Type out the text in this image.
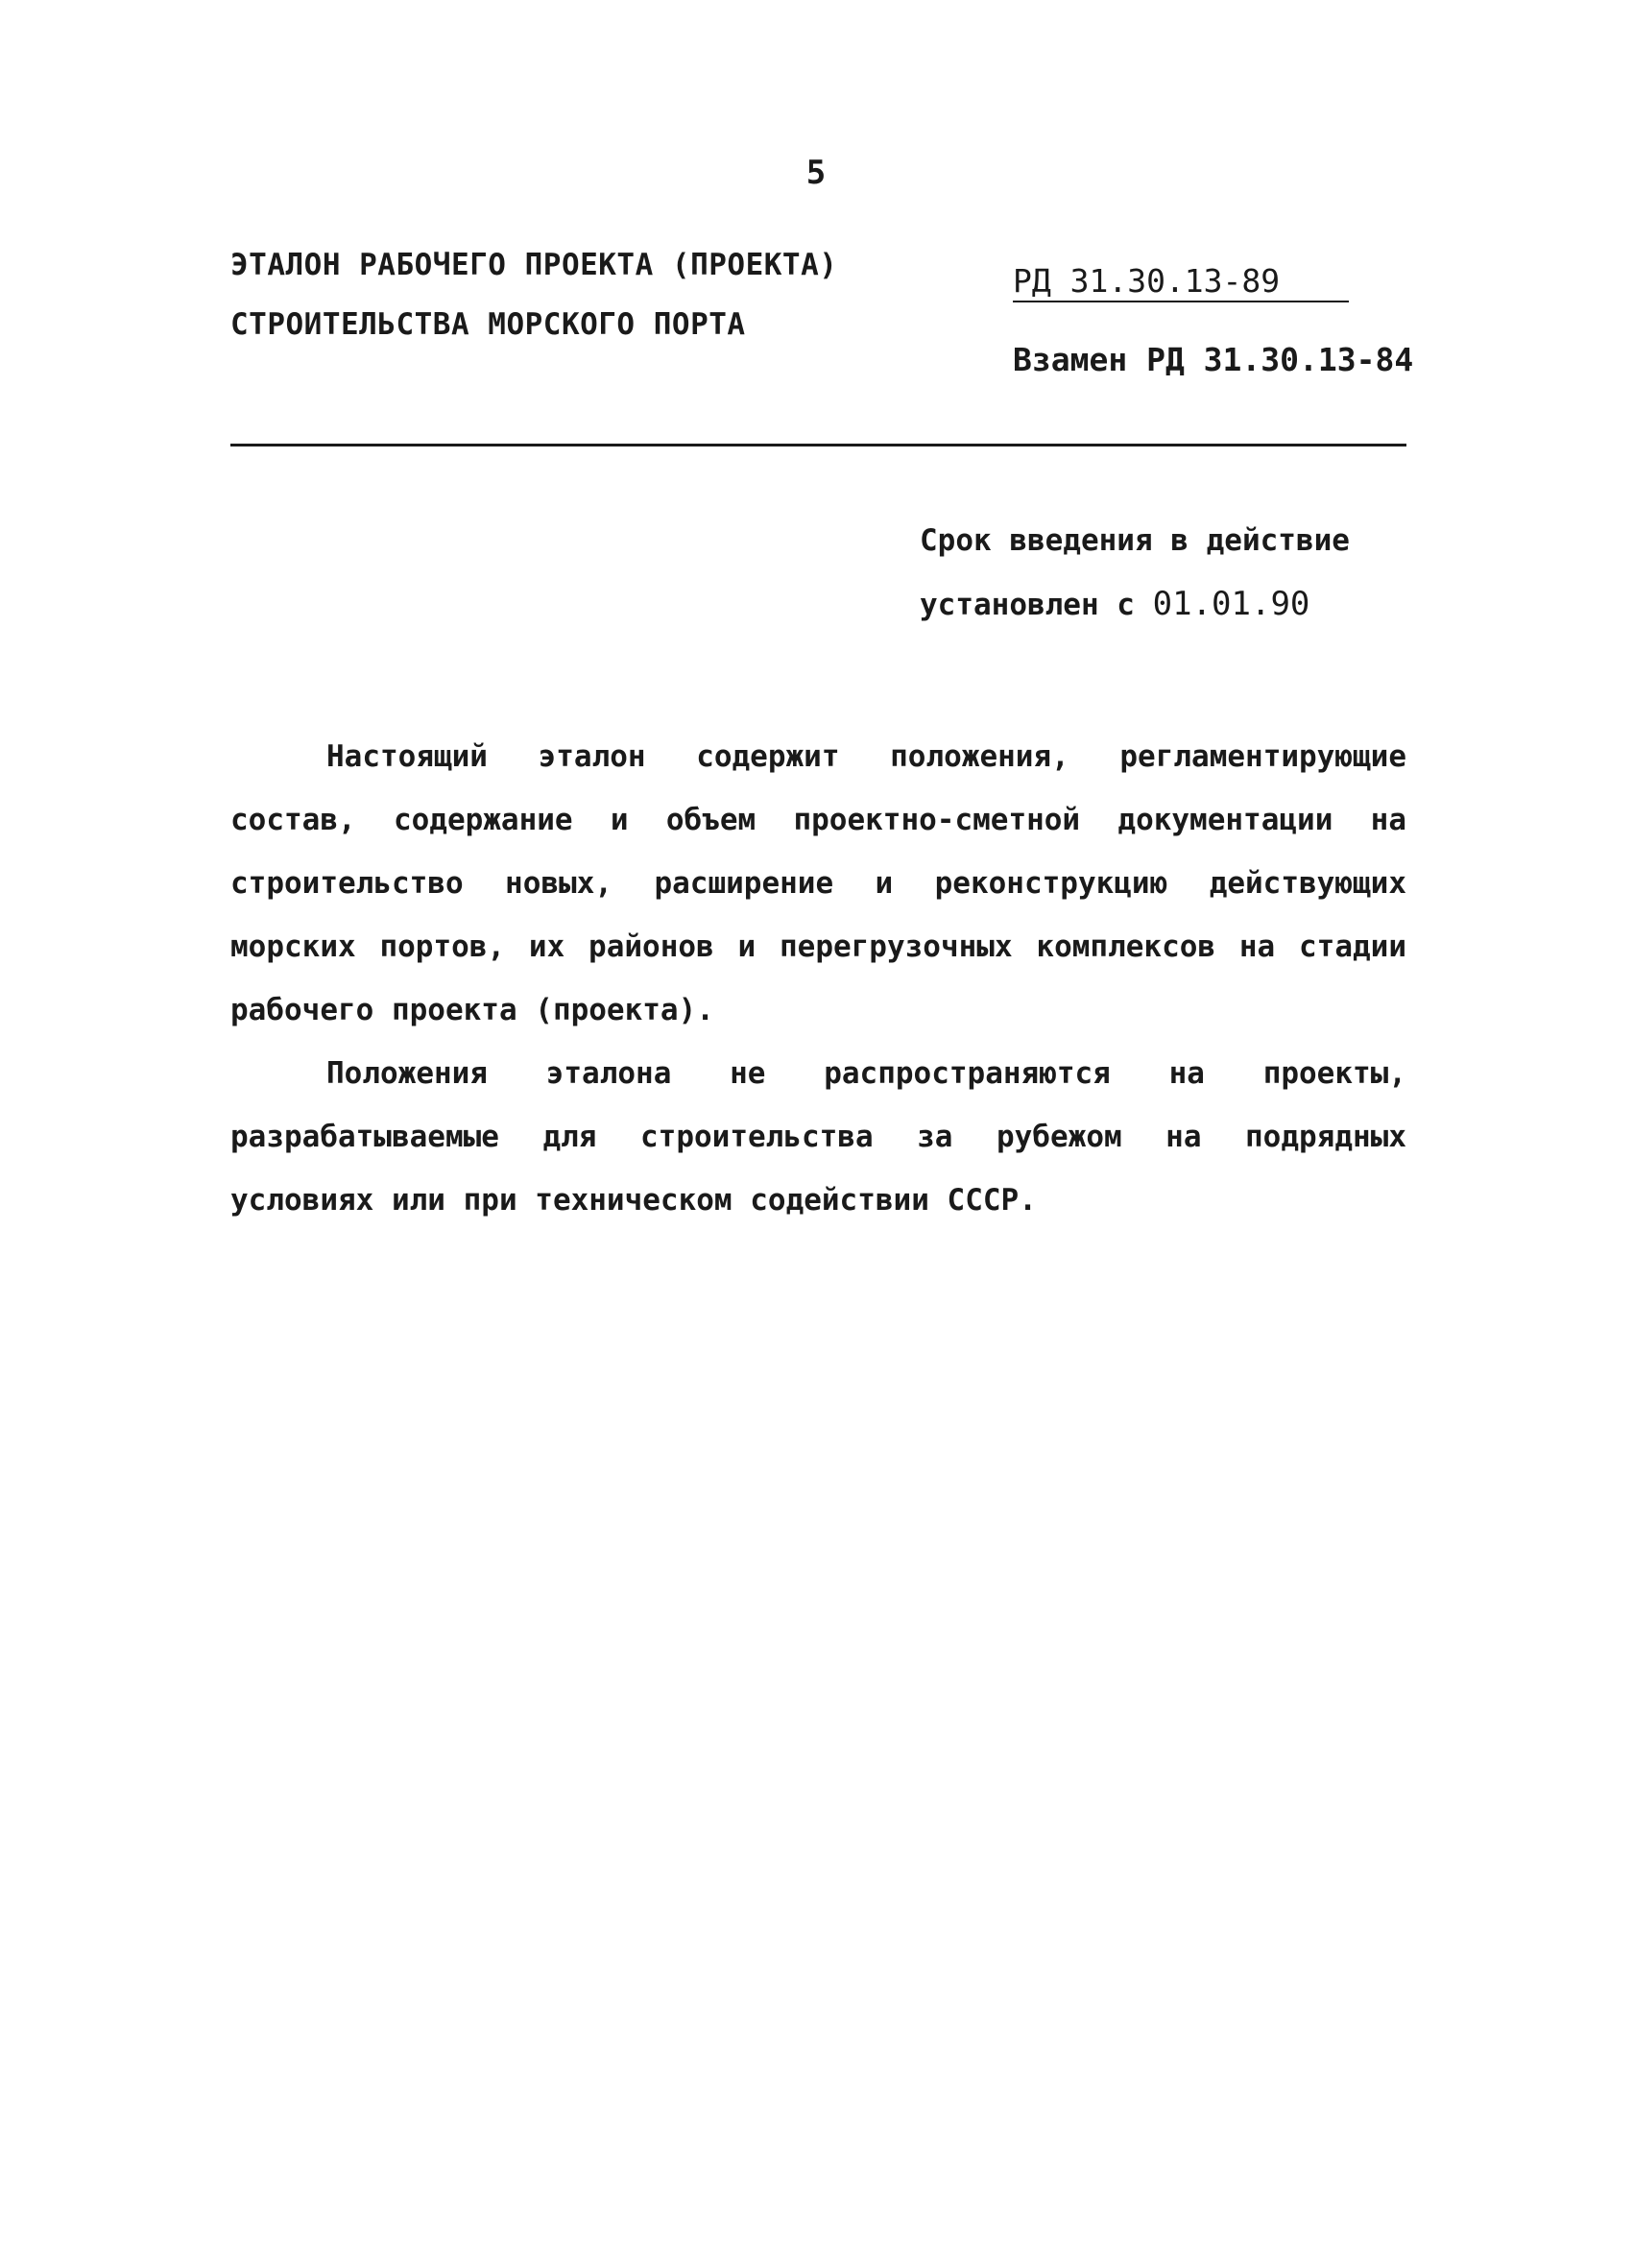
5
ЭТАЛОН РАБОЧЕГО ПРОЕКТА (ПРОЕКТА)
СТРОИТЕЛЬСТВА МОРСКОГО ПОРТА
РД 31.30.13-89
Взамен РД 31.30.13-84
Срок введения в действие
установлен с 01.01.90

Настоящий эталон содержит положения, регламентирующие состав, содержание и объем проектно-сметной документации на строительство новых, расширение и реконструкцию действующих морских портов, их районов и перегрузочных комплексов на стадии рабочего проекта (проекта).

Положения эталона не распространяются на проекты, разрабатываемые для строительства за рубежом на подрядных условиях или при техническом содействии СССР.
